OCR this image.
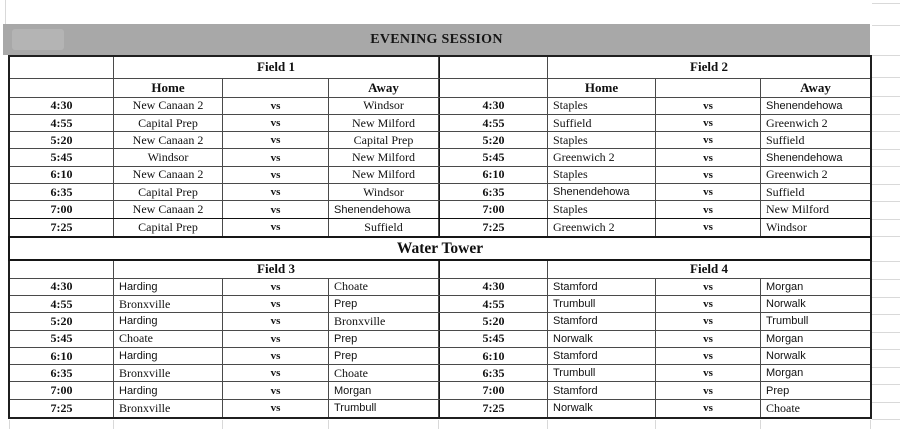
EVENING SESSION
Field 1	Field 2
Home	Away	Home	Away
4:30	New Canaan 2	vs	Windsor	4:30	Staples	vs	Shenendehowa
4:55	Capital Prep	vs	New Milford	4:55	Suffield	vs	Greenwich 2
5:20	New Canaan 2	vs	Capital Prep	5:20	Staples	vs	Suffield
5:45	Windsor	vs	New Milford	5:45	Greenwich 2	vs	Shenendehowa
6:10	New Canaan 2	vs	New Milford	6:10	Staples	vs	Greenwich 2
6:35	Capital Prep	vs	Windsor	6:35	Shenendehowa	vs	Suffield
7:00	New Canaan 2	vs	Shenendehowa	7:00	Staples	vs	New Milford
7:25	Capital Prep	vs	Suffield	7:25	Greenwich 2	vs	Windsor
Water Tower
Field 3	Field 4
4:30	Harding	vs	Choate	4:30	Stamford	vs	Morgan
4:55	Bronxville	vs	Prep	4:55	Trumbull	vs	Norwalk
5:20	Harding	vs	Bronxville	5:20	Stamford	vs	Trumbull
5:45	Choate	vs	Prep	5:45	Norwalk	vs	Morgan
6:10	Harding	vs	Prep	6:10	Stamford	vs	Norwalk
6:35	Bronxville	vs	Choate	6:35	Trumbull	vs	Morgan
7:00	Harding	vs	Morgan	7:00	Stamford	vs	Prep
7:25	Bronxville	vs	Trumbull	7:25	Norwalk	vs	Choate
